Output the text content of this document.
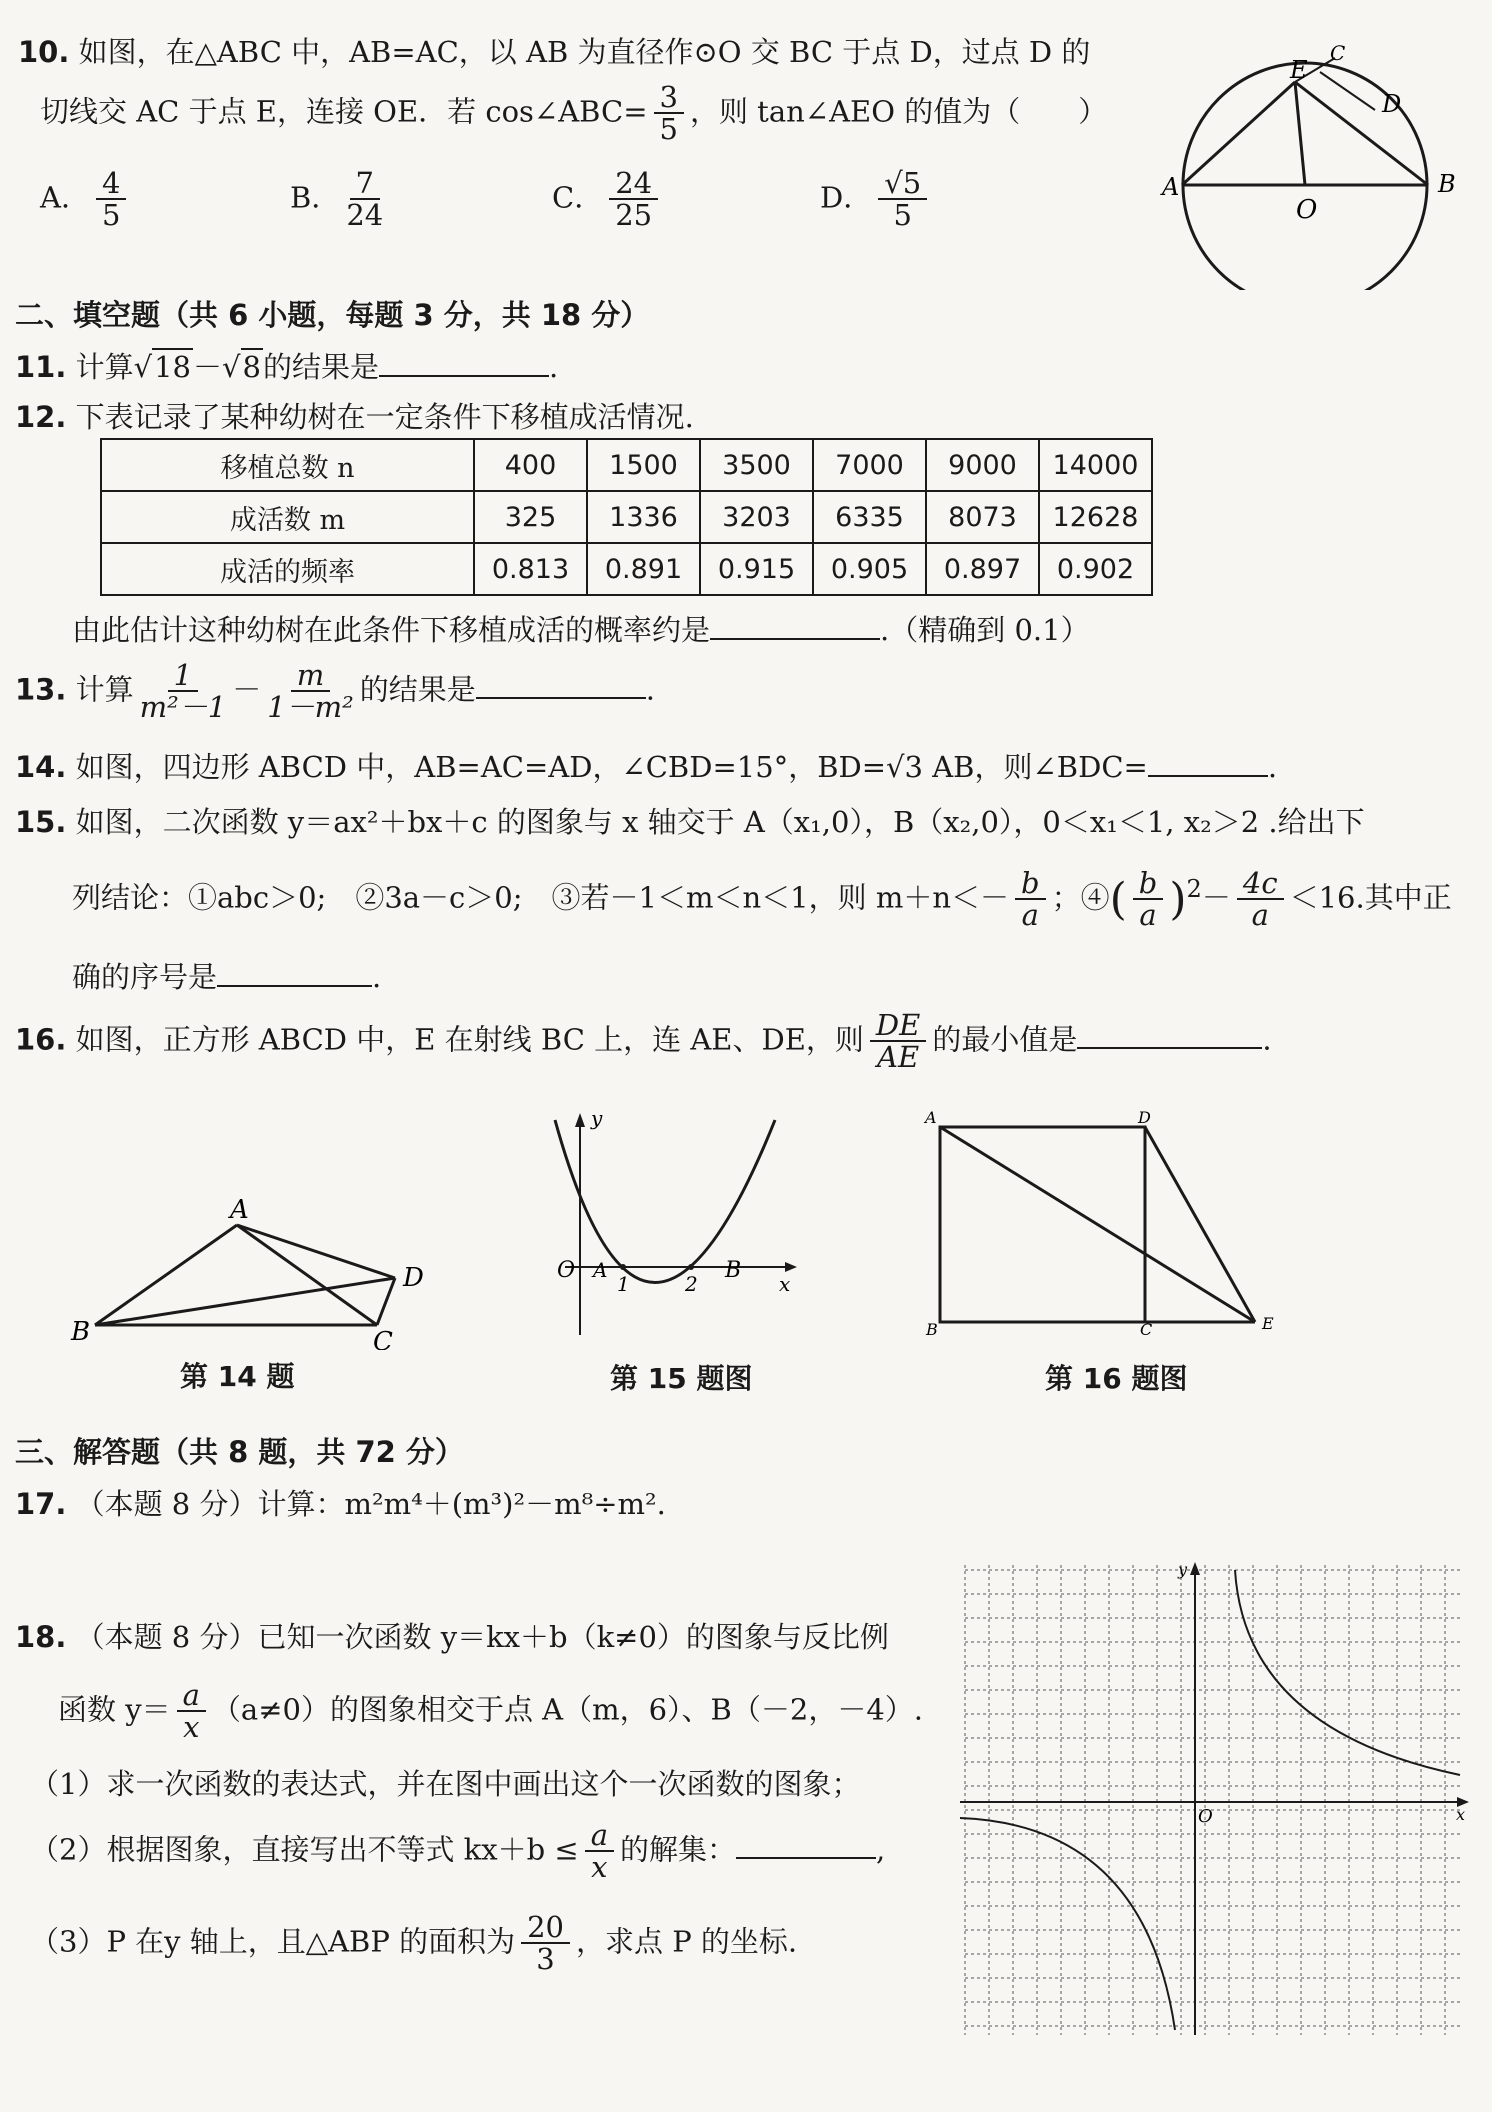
10. 如图，在△ABC 中，AB=AC，以 AB 为直径作⊙O 交 BC 于点 D，过点 D 的
切线交 AC 于点 E，连接 OE．若 cos∠ABC= $\frac{3}{5}$ ，则 tan∠AEO 的值为（　　）
A． $\frac{4}{5}$	B． $\frac{7}{24}$	C． $\frac{24}{25}$	D． $\frac{√5}{5}$
E
C
D
A
O
B
二、填空题（共 6 小题，每题 3 分，共 18 分）
11. 计算√18－√8的结果是	.
12. 下表记录了某种幼树在一定条件下移植成活情况.
移植总数 n	400	1500	3500	7000	9000	14000
成活数 m	325	1336	3203	6335	8073	12628
成活的频率	0.813	0.891	0.915	0.905	0.897	0.902
由此估计这种幼树在此条件下移植成活的概率约是	.（精确到 0.1）
13. 计算 $\frac{1}{\text{m²－1}} - \frac{m}{\text{1－m²}}$ 的结果是	.
14. 如图，四边形 ABCD 中，AB=AC=AD，∠CBD=15°，BD=√3 AB，则∠BDC=	.
15. 如图，二次函数 y＝ax²＋bx＋c 的图象与 x 轴交于 A（x₁,0），B（x₂,0），0＜x₁＜1, x₂＞2 .给出下
列结论：①abc＞0;　②3a－c＞0;　③若－1＜m＜n＜1，则 $m+n<- \frac{b}{a}$ ；④( $\frac{b}{a} )^2- \frac{4c}{a} <16$.其中正
确的序号是	.
16. 如图，正方形 ABCD 中，E 在射线 BC 上，连 AE、DE，则 $\frac{DE}{AE}$ 的最小值是	.
A
B	C
D
第 14 题
y
O A
1	2
B
x
第 15 题图
A	D
B	C	E
第 16 题图
三、解答题（共 8 题，共 72 分）
17. （本题 8 分）计算：m²m⁴＋(m³)²－m⁸÷m².
18. （本题 8 分）已知一次函数 y＝kx＋b（k≠0）的图象与反比例
函数 $y= \frac{a}{x} (a\ne 0)$的图象相交于点 A（m，6）、B（－2，－4）.
（1）求一次函数的表达式，并在图中画出这个一次函数的图象；
（2）根据图象，直接写出不等式 $kx+b \le \frac{a}{x}$ 的解集：	,
（3）P 在y 轴上，且△ABP 的面积为 $\frac{20}{3}$ ，求点 P 的坐标.
y
x
O
